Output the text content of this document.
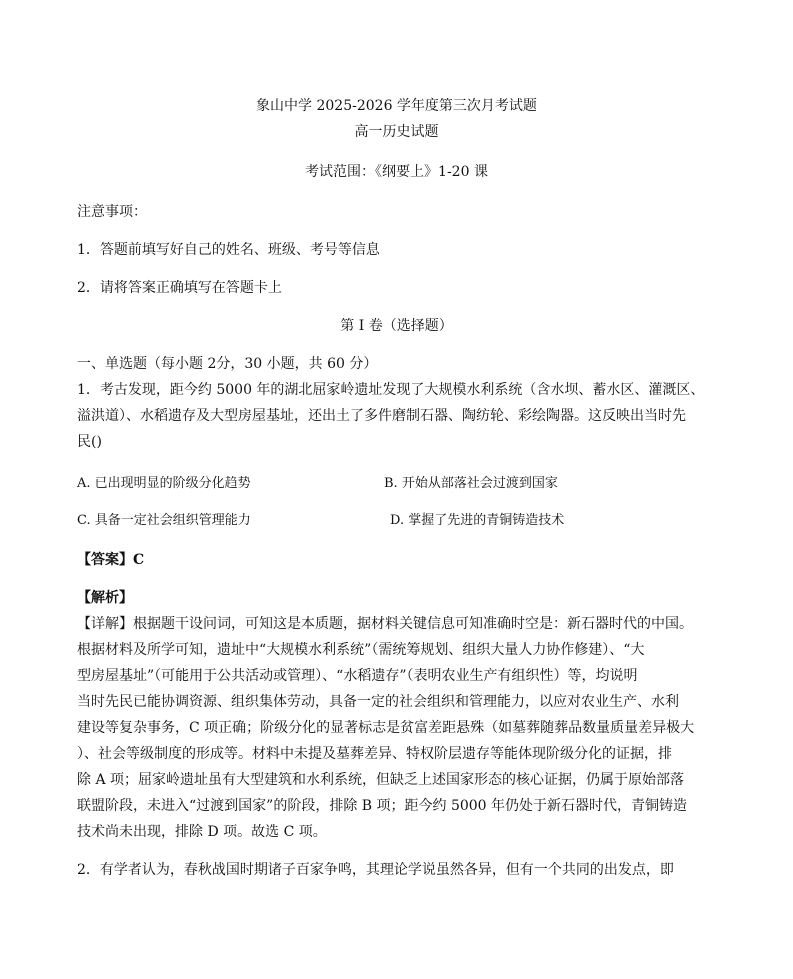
象山中学 2025-2026 学年度第三次月考试题
高一历史试题
考试范围：《纲要上》1-20 课
注意事项：
1．答题前填写好自己的姓名、班级、考号等信息
2．请将答案正确填写在答题卡上
第 I 卷（选择题）
一、单选题（每小题 2分，30 小题，共 60 分）
1．考古发现，距今约 5000 年的湖北屈家岭遗址发现了大规模水利系统（含水坝、蓄水区、灌溉区、
溢洪道）、水稻遗存及大型房屋基址，还出土了多件磨制石器、陶纺轮、彩绘陶器。这反映出当时先
民()
A. 已出现明显的阶级分化趋势	B. 开始从部落社会过渡到国家
C. 具备一定社会组织管理能力	D. 掌握了先进的青铜铸造技术
【答案】C
【解析】
【详解】根据题干设问词，可知这是本质题，据材料关键信息可知准确时空是：新石器时代的中国。
根据材料及所学可知，遗址中“大规模水利系统”（需统筹规划、组织大量人力协作修建）、“大
型房屋基址”（可能用于公共活动或管理）、“水稻遗存”（表明农业生产有组织性）等，均说明
当时先民已能协调资源、组织集体劳动，具备一定的社会组织和管理能力，以应对农业生产、水利
建设等复杂事务，C 项正确；阶级分化的显著标志是贫富差距悬殊（如墓葬随葬品数量质量差异极大
）、社会等级制度的形成等。材料中未提及墓葬差异、特权阶层遗存等能体现阶级分化的证据，排
除 A 项；屈家岭遗址虽有大型建筑和水利系统，但缺乏上述国家形态的核心证据，仍属于原始部落
联盟阶段，未进入“过渡到国家”的阶段，排除 B 项；距今约 5000 年仍处于新石器时代，青铜铸造
技术尚未出现，排除 D 项。故选 C 项。
2．有学者认为，春秋战国时期诸子百家争鸣，其理论学说虽然各异，但有一个共同的出发点，即
